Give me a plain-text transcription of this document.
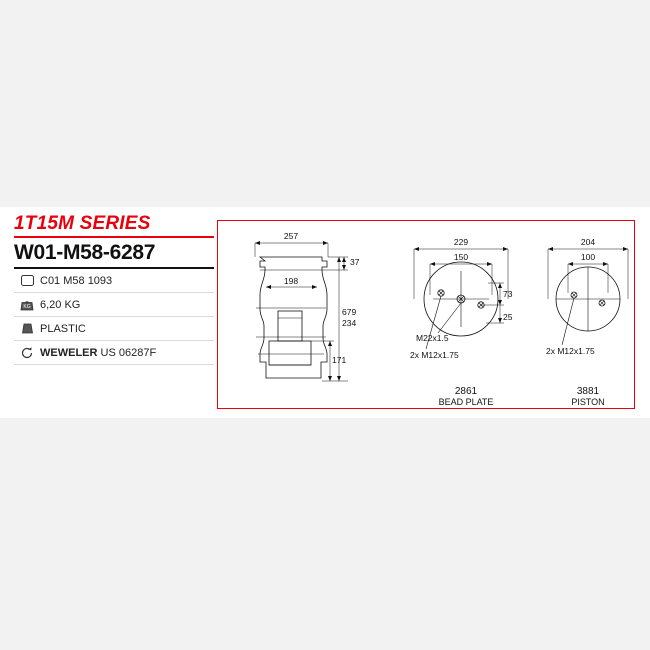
1T15M SERIES
W01-M58-6287
C01 M58 1093
KG 6,20 KG
PLASTIC
WEWELER US 06287F
257
198
37
679
234
171
229
150
73
25
M22x1.5
2x M12x1.75
204
100
2x M12x1.75
2861
BEAD PLATE
3881
PISTON
